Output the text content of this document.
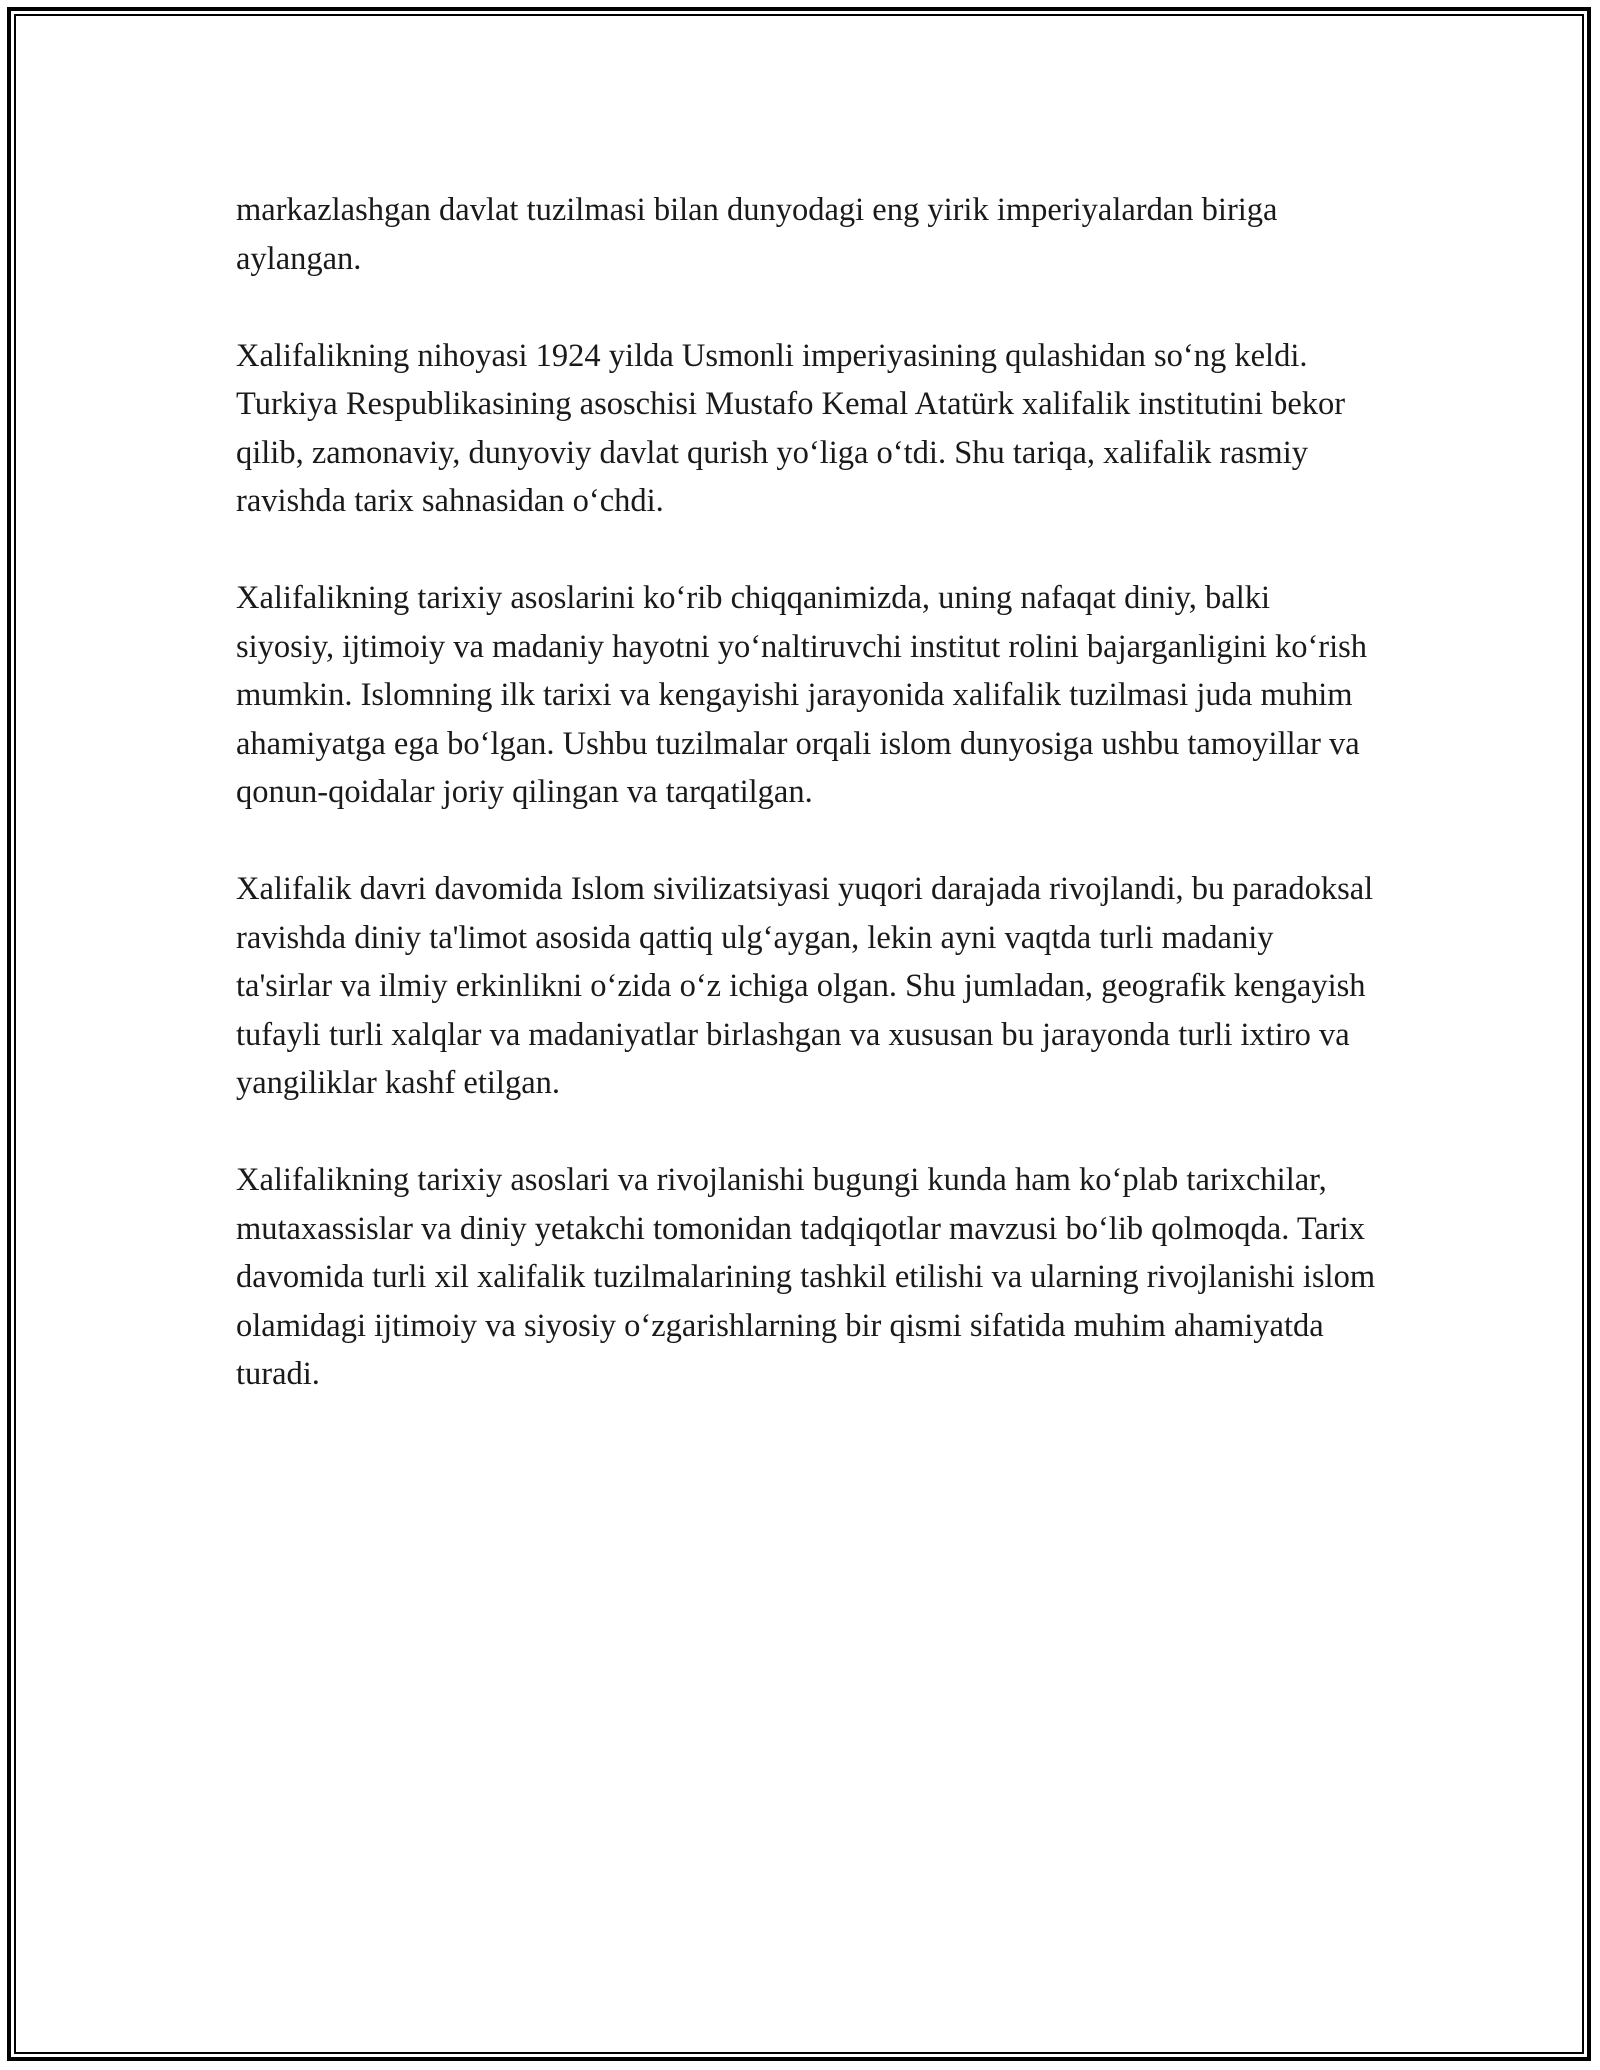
markazlashgan davlat tuzilmasi bilan dunyodagi eng yirik imperiyalardan biriga aylangan.

Xalifalikning nihoyasi 1924 yilda Usmonli imperiyasining qulashidan so‘ng keldi. Turkiya Respublikasining asoschisi Mustafo Kemal Atatürk xalifalik institutini bekor qilib, zamonaviy, dunyoviy davlat qurish yo‘liga o‘tdi. Shu tariqa, xalifalik rasmiy ravishda tarix sahnasidan o‘chdi.

Xalifalikning tarixiy asoslarini ko‘rib chiqqanimizda, uning nafaqat diniy, balki siyosiy, ijtimoiy va madaniy hayotni yo‘naltiruvchi institut rolini bajarganligini ko‘rish mumkin. Islomning ilk tarixi va kengayishi jarayonida xalifalik tuzilmasi juda muhim ahamiyatga ega bo‘lgan. Ushbu tuzilmalar orqali islom dunyosiga ushbu tamoyillar va qonun-qoidalar joriy qilingan va tarqatilgan.

Xalifalik davri davomida Islom sivilizatsiyasi yuqori darajada rivojlandi, bu paradoksal ravishda diniy ta'limot asosida qattiq ulg‘aygan, lekin ayni vaqtda turli madaniy ta'sirlar va ilmiy erkinlikni o‘zida o‘z ichiga olgan. Shu jumladan, geografik kengayish tufayli turli xalqlar va madaniyatlar birlashgan va xususan bu jarayonda turli ixtiro va yangiliklar kashf etilgan.

Xalifalikning tarixiy asoslari va rivojlanishi bugungi kunda ham ko‘plab tarixchilar, mutaxassislar va diniy yetakchi tomonidan tadqiqotlar mavzusi bo‘lib qolmoqda. Tarix davomida turli xil xalifalik tuzilmalarining tashkil etilishi va ularning rivojlanishi islom olamidagi ijtimoiy va siyosiy o‘zgarishlarning bir qismi sifatida muhim ahamiyatda turadi.
